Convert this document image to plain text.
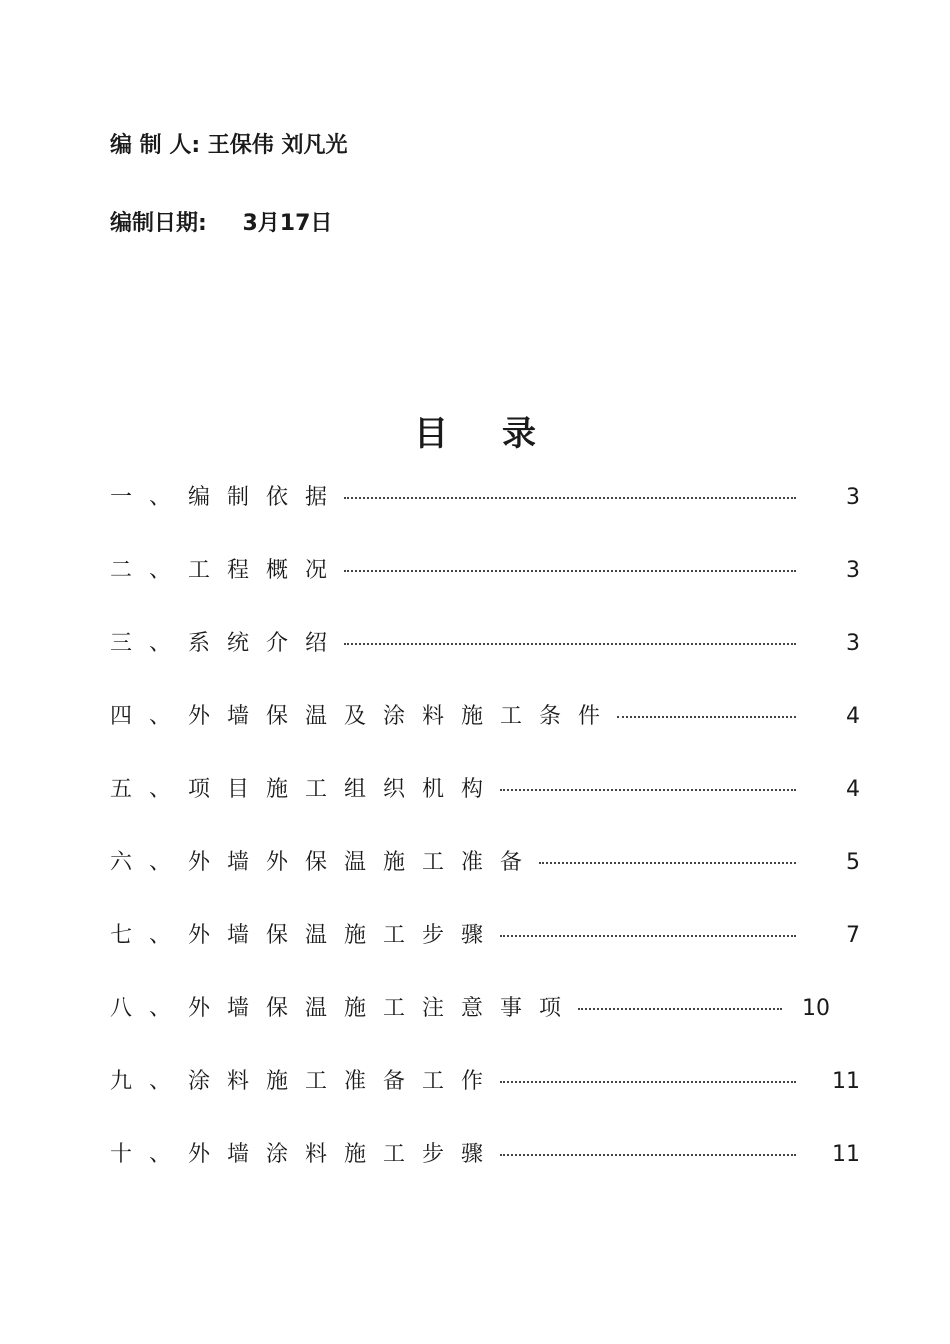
编 制 人: 王保伟 刘凡光
编制日期: 3月17日
目录
一、 编制依据	3
二、 工程概况	3
三、 系统介绍	3
四、 外墙保温及涂料施工条件	4
五、 项目施工组织机构	4
六、 外墙外保温施工准备	5
七、 外墙保温施工步骤	7
八、 外墙保温施工注意事项	10
九、 涂料施工准备工作	11
十、 外墙涂料施工步骤	11
